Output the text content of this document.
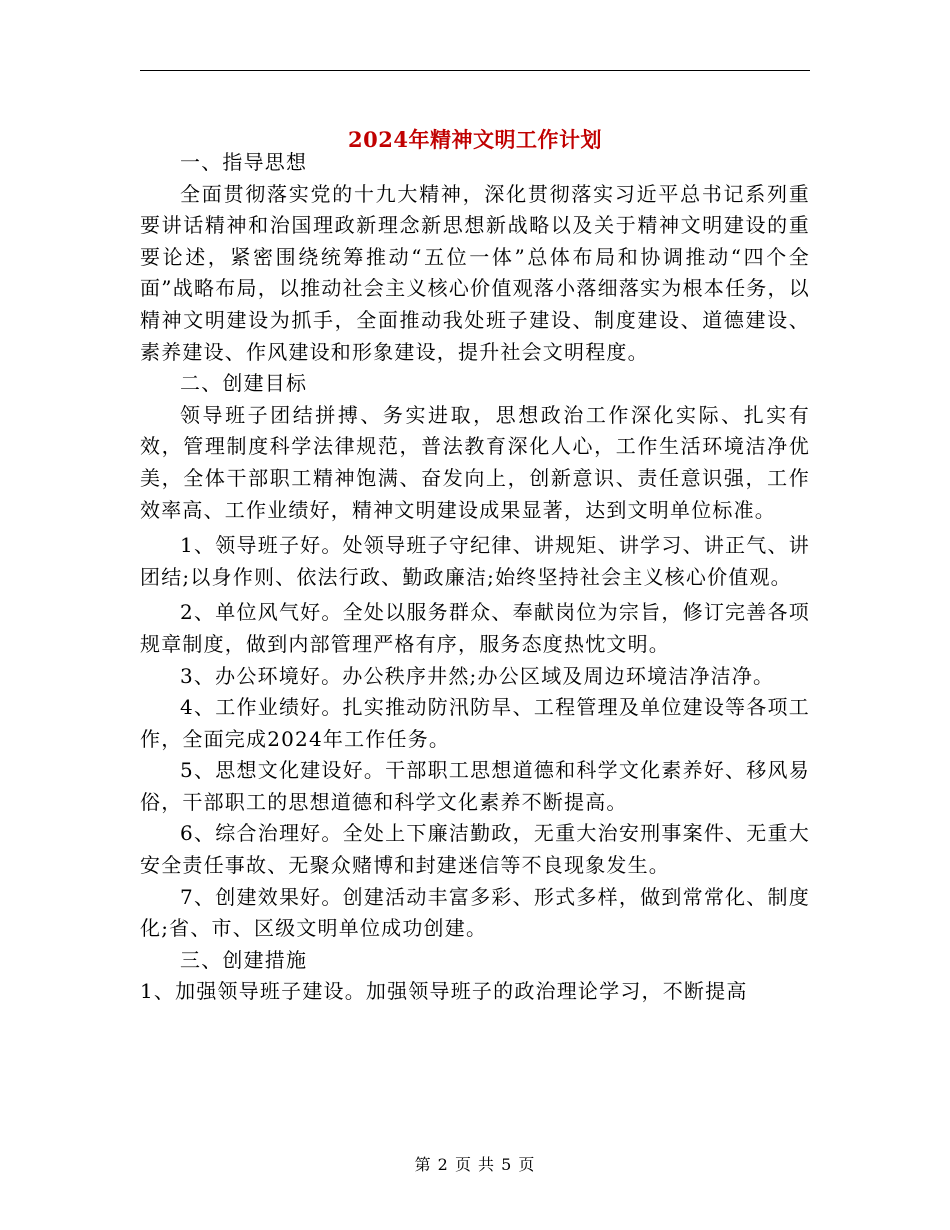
2024年精神文明工作计划

一、指导思想

全面贯彻落实党的十九大精神，深化贯彻落实习近平总书记系列重要讲话精神和治国理政新理念新思想新战略以及关于精神文明建设的重要论述，紧密围绕统筹推动“五位一体”总体布局和协调推动“四个全面”战略布局，以推动社会主义核心价值观落小落细落实为根本任务，以精神文明建设为抓手，全面推动我处班子建设、制度建设、道德建设、素养建设、作风建设和形象建设，提升社会文明程度。

二、创建目标

领导班子团结拼搏、务实进取，思想政治工作深化实际、扎实有效，管理制度科学法律规范，普法教育深化人心，工作生活环境洁净优美，全体干部职工精神饱满、奋发向上，创新意识、责任意识强，工作效率高、工作业绩好，精神文明建设成果显著，达到文明单位标准。

1、领导班子好。处领导班子守纪律、讲规矩、讲学习、讲正气、讲团结;以身作则、依法行政、勤政廉洁;始终坚持社会主义核心价值观。

2、单位风气好。全处以服务群众、奉献岗位为宗旨，修订完善各项规章制度，做到内部管理严格有序，服务态度热忱文明。

3、办公环境好。办公秩序井然;办公区域及周边环境洁净洁净。

4、工作业绩好。扎实推动防汛防旱、工程管理及单位建设等各项工作，全面完成2024年工作任务。

5、思想文化建设好。干部职工思想道德和科学文化素养好、移风易俗，干部职工的思想道德和科学文化素养不断提高。

6、综合治理好。全处上下廉洁勤政，无重大治安刑事案件、无重大安全责任事故、无聚众赌博和封建迷信等不良现象发生。

7、创建效果好。创建活动丰富多彩、形式多样，做到常常化、制度化;省、市、区级文明单位成功创建。

三、创建措施

1、加强领导班子建设。加强领导班子的政治理论学习，不断提高

第 2 页 共 5 页
